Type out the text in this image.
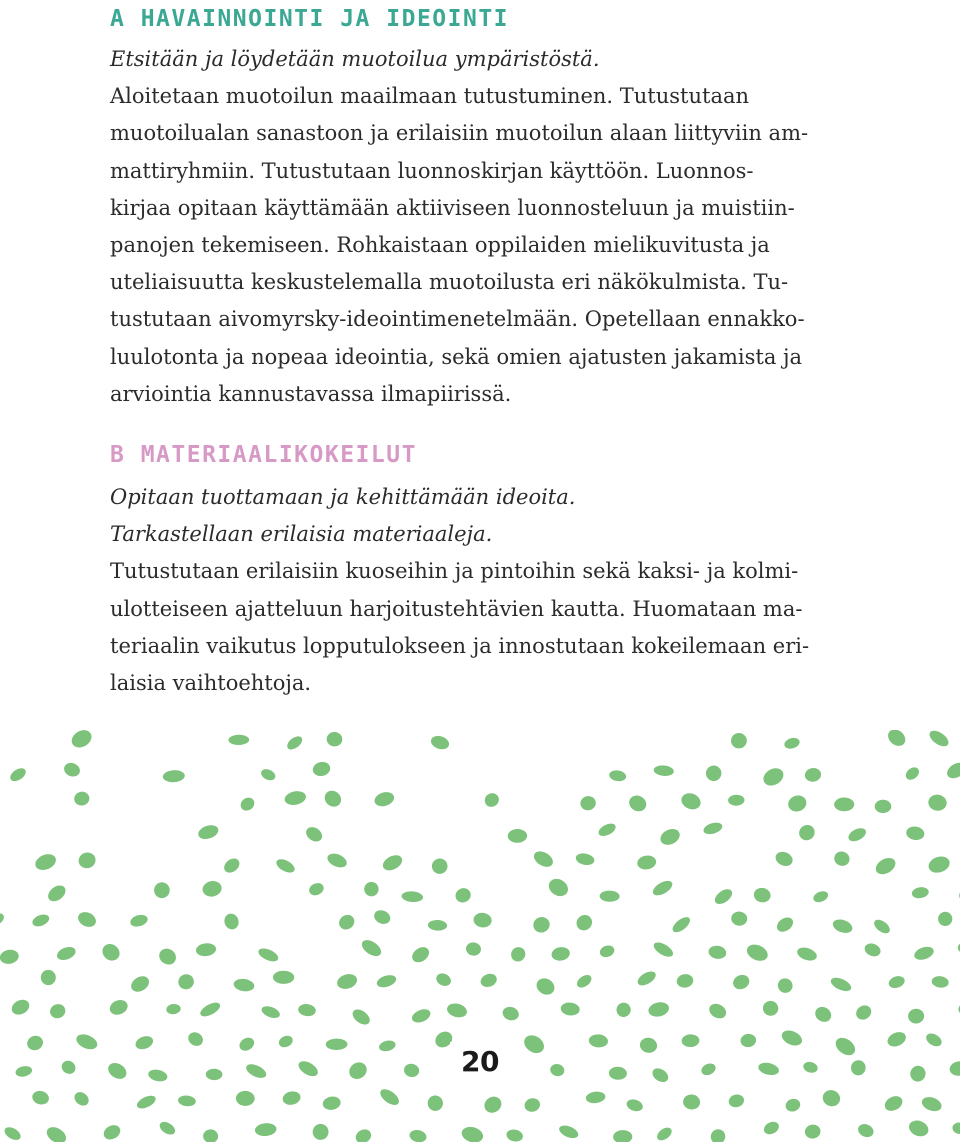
A HAVAINNOINTI JA IDEOINTI
Etsitään ja löydetään muotoilua ympäristöstä.
Aloitetaan muotoilun maailmaan tutustuminen. Tutustutaan
muotoilualan sanastoon ja erilaisiin muotoilun alaan liittyviin am-
mattiryhmiin. Tutustutaan luonnoskirjan käyttöön. Luonnos-
kirjaa opitaan käyttämään aktiiviseen luonnosteluun ja muistiin-
panojen tekemiseen. Rohkaistaan oppilaiden mielikuvitusta ja
uteliaisuutta keskustelemalla muotoilusta eri näkökulmista. Tu-
tustutaan aivomyrsky-ideointimenetelmään. Opetellaan ennakko-
luulotonta ja nopeaa ideointia, sekä omien ajatusten jakamista ja
arviointia kannustavassa ilmapiirissä.
B MATERIAALIKOKEILUT
Opitaan tuottamaan ja kehittämään ideoita.
Tarkastellaan erilaisia materiaaleja.
Tutustutaan erilaisiin kuoseihin ja pintoihin sekä kaksi- ja kolmi-
ulotteiseen ajatteluun harjoitustehtävien kautta. Huomataan ma-
teriaalin vaikutus lopputulokseen ja innostutaan kokeilemaan eri-
laisia vaihtoehtoja.
20
